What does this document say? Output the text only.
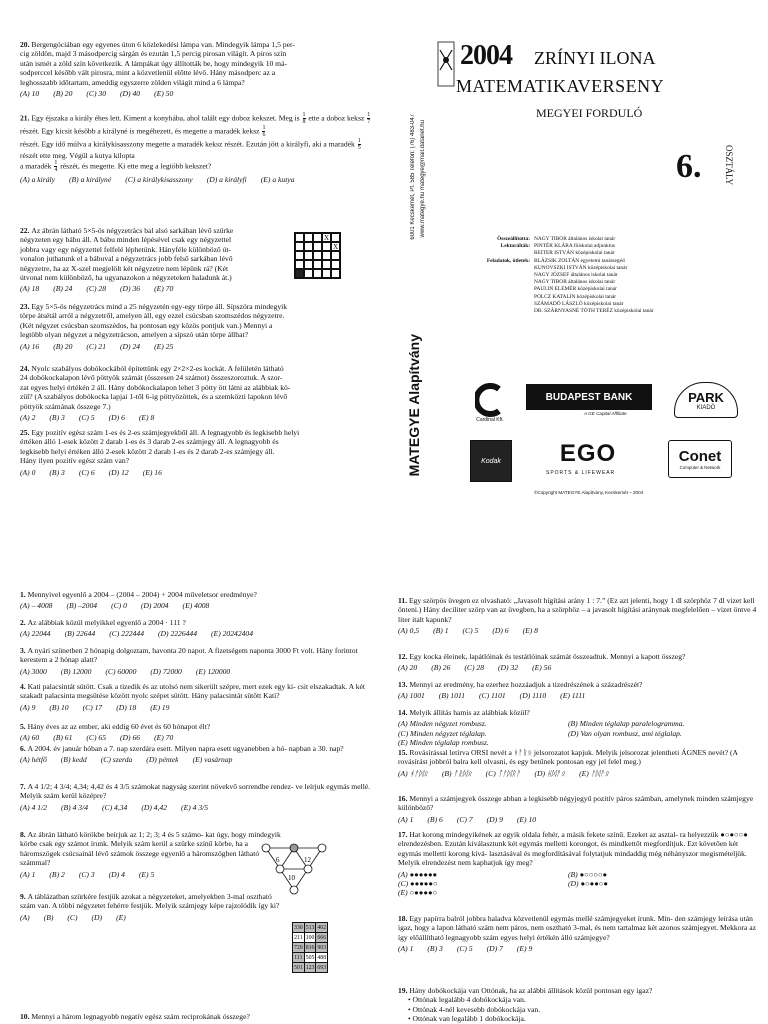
20. Bergengóciában egy egyenes úton 6 közlekedési lámpa van. Mindegyik lámpa 1,5 per-
cig zöldön, majd 3 másodpercig sárgán és ezután 1,5 percig pirosan világít. A piros szín
után ismét a zöld szín következik. A lámpákat úgy állították be, hogy mindegyik 10 má-
sodperccel később vált pirosra, mint a közvetlenül előtte lévő. Hány másodperc az a
leghosszabb időtartam, ameddig egyszerre zölden világít mind a 6 lámpa?
(A) 10 (B) 20 (C) 30 (D) 40 (E) 50
21. Egy éjszaka a király éhes lett. Kiment a konyhába, ahol talált egy doboz kekszet. Meg is $\frac{1}{8}$ ette a doboz keksz $\frac{1}{7}$

részét. Egy kicsit később a királyné is megéhezett, és megette a maradék keksz $\frac{1}{6}$

részét. Egy idő múlva a királykisasszony megette a maradék keksz részét. Ezután jött a királyfi, aki a maradék $\frac{1}{5}$

részét ette meg. Végül a kutya kilopta
a maradék $\frac{1}{4}$ részét, és megette. Ki ette meg a legtöbb kekszet?
(A) a király (B) a királyné (C) a királykisasszony (D) a királyfi (E) a kutya
22. Az ábrán látható 5×5-ös négyzetrács bal alsó sarkában lévő szürke
négyzeten egy bábu áll. A bábu minden lépésével csak egy négyzettel
jobbra vagy egy négyzettel felfelé léphetünk. Hányféle különböző út-
vonalon juthatunk el a bábuval a négyzetrács jobb felső sarkában lévő
négyzetre, ha az X-szel megjelölt két négyzetre nem lépünk rá? (Két
útvonal nem különböző, ha ugyanazokon a négyzeteken haladunk át.)
(A) 18 (B) 24 (C) 28 (D) 36 (E) 70
23. Egy 5×5-ös négyzetrács mind a 25 négyzetén egy-egy törpe áll. Sípszóra mindegyik
törpe átsétál arról a négyzetről, amelyen áll, egy ezzel csúcsban szomszédos négyzetre.
(Két négyzet csúcsban szomszédos, ha pontosan egy közös pontjuk van.) Mennyi a
legtöbb olyan négyzet a négyzetrácson, amelyen a sípszó után törpe állhat?
(A) 16 (B) 20 (C) 21 (D) 24 (E) 25
24. Nyolc szabályos dobókockából építettünk egy 2×2×2-es kockát. A felületén látható
24 dobókockalapon lévő pöttyök számát (összesen 24 számot) összeszoroztuk. A szor-
zat egyes helyi értékén 2 áll. Hány dobókockalapon lehet 3 pötty ött látni az alábbiak kö-
zül? (A szabályos dobókocka lapjai 1-től 6-ig pöttyözöttek, és a szemközti lapokon lévő
pöttyök számának összege 7.)
(A) 2 (B) 3 (C) 5 (D) 6 (E) 8
25. Egy pozitív egész szám 1-es és 2-es számjegyekből áll. A legnagyobb és legkisebb helyi
értéken álló 1-esek között 2 darab 1-es és 3 darab 2-es számjegy áll. A legnagyobb és
legkisebb helyi értéken álló 2-esek között 2 darab 1-es és 2 darab 2-es számjegy áll.
Hány ilyen pozitív egész szám van?
(A) 0 (B) 3 (C) 6 (D) 12 (E) 16
X
X
MATEGYE Alapítvány
6001 Kecskemét, Pf. 585 Telefon: (76) 483-047 www.mategye.hu mategye@mail.datanet.hu
2004 ZRÍNYI ILONA
MATEMATIKAVERSENY
MEGYEI FORDULÓ
6.	OSZTÁLY
Összeállította: NAGY TIBOR általános iskolai tanár
Lektorálták: PINTÉR KLÁRA főiskolai adjunktus
REITER ISTVÁN középiskolai tanár
Feladatok, ötletek: BLÁZSIK ZOLTÁN egyetemi tanársegéd
KUNOVSZKI ISTVÁN középiskolai tanár
NAGY JÓZSEF általános iskolai tanár
NAGY TIBOR általános iskolai tanár
PAULIN ELEMÉR középiskolai tanár
POLCZ KATALIN középiskolai tanár
SZÁMADÓ LÁSZLÓ középiskolai tanár
DR. SZÁRNYASNÉ TÓTH TERÉZ középiskolai tanár
Cardinal Kft.
BUDAPEST BANK
A GE Capital Affiliate
PARK
KIADÓ
Kodak	EGO
SPORTS & LIFEWEAR
Conet
Computer & Network
©Copyright MATEGYE Alapítvány, Kecskemét – 2004
1. Mennyivel egyenlő a 2004 – (2004 – 2004) + 2004 műveletsor eredménye?
(A) – 4008 (B) –2004 (C) 0 (D) 2004 (E) 4008
2. Az alábbiak közül melyikkel egyenlő a 2004 · 111 ?
(A) 22044 (B) 22644 (C) 222444 (D) 2226444 (E) 20242404
3. A nyári szünetben 2 hónapig dolgoztam, havonta 20 napot. A fizetségem naponta 3000 Ft volt. Hány forintot kerestem a 2 hónap alatt?
(A) 3000 (B) 12000 (C) 60000 (D) 72000 (E) 120000
4. Kati palacsintát sütött. Csak a tizedik és az utolsó nem sikerült szépre, mert ezek egy ki- csit elszakadtak. A két szakadt palacsinta megsütése között nyolc szépet sütött. Hány palacsintát sütött Kati?
(A) 9 (B) 10 (C) 17 (D) 18 (E) 19
5. Hány éves az az ember, aki eddig 60 évet és 60 hónapot élt?
(A) 60 (B) 61 (C) 65 (D) 66 (E) 70
6. A 2004. év január hóban a 7. nap szerdára esett. Milyen napra esett ugyanebben a hó- napban a 30. nap?
(A) hétfő (B) kedd (C) szerda (D) péntek (E) vasárnap
7. A 4 1/2; 4 3/4; 4,34; 4,42 és 4 3/5 számokat nagyság szerint növekvő sorrendbe rendez- ve leírjuk egymás mellé. Melyik szám kerül középre?
(A) 4 1/2 (B) 4 3/4 (C) 4,34 (D) 4,42 (E) 4 3/5
8. Az ábrán látható körökbe beírjuk az 1; 2; 3; 4 és 5 számo- kat úgy, hogy mindegyik körbe csak egy számot írunk. Melyik szám kerül a szürke színű körbe, ha a háromszögek csúcsainál lévő számok összege egyenlő a háromszögben látható számmal?
(A) 1 (B) 2 (C) 3 (D) 4 (E) 5
9. A táblázatban szürkére festjük azokat a négyzeteket, amelyekben 3-mal osztható szám van. A többi négyzetet fehérre festjük. Melyik számjegy képe rajzolódik így ki?
(A) (B) (C) (D) (E)
10. Mennyi a három legnagyobb negatív egész szám reciprokának összege?
6	12
10
330	513	402
211	100	666
720	816	903
111	505	488
501	123	693
11. Egy szörpös üvegen ez olvasható: „Javasolt hígítási arány 1 : 7.” (Ez azt jelenti, hogy 1 dl szörphöz 7 dl vizet kell önteni.) Hány deciliter szörp van az üvegben, ha a szörphöz – a javasolt hígítási aránynak megfelelően – vizet öntve 4 liter italt kapunk?
(A) 0,5 (B) 1 (C) 5 (D) 6 (E) 8
12. Egy kocka éleinek, lapátlóinak és testátlóinak számát összeadtuk. Mennyi a kapott összeg?
(A) 20 (B) 26 (C) 28 (D) 32 (E) 56
13. Mennyi az eredmény, ha ezerhez hozzáadjuk a tizedrészének a századrészét?
(A) 1001 (B) 1011 (C) 1101 (D) 1110 (E) 1111
14. Melyik állítás hamis az alábbiak közül?
(A) Minden négyzet rombusz.	(B) Minden téglalap paralelogramma.
(C) Minden négyzet téglalap.	(D) Van olyan rombusz, ami téglalap.
(E) Minden téglalap rombusz.
15. Rovásírással letírva ORSI nevét a ᚼᚨᚱᛟ jelsorozatot kapjuk. Melyik jelsorozat jelentheti ÁGNES nevét? (A rovásírást jobbról balra kell olvasni, és egy betűnek pontosan egy jel felel meg.)
(A) ᚼᚨᛞᛟ (B) ᚨᚱᛞᛟ (C) ᛏᚨᛞᚱᚨ (D) ᚺᛞᚨᛟ (E) ᚨᛞᚨᛟ
16. Mennyi a számjegyek összege abban a legkisebb négyjegyű pozitív páros számban, amelynek minden számjegye különböző?
(A) 1 (B) 6 (C) 7 (D) 9 (E) 10
17. Hat korong mindegyikének az egyik oldala fehér, a másik fekete színű. Ezeket az asztal- ra helyezzük ●○●○○● elrendezésben. Ezután kiválasztunk két egymás melletti korongot, és mindkettőt megfordítjuk. Ezt követően két egymás melletti korong kivá- lasztásával és megfordításával folytatjuk mindaddig még néhányszor megismételjük. Melyik elrendezést nem kaphatjuk így meg?
(A) ●●●●●●	(B) ●○○○○●
(C) ●●●●●○	(D) ●○●●○●
(E) ○●●●●○
18. Egy papírra balról jobbra haladva közvetlenül egymás mellé számjegyeket írunk. Min- den számjegy leírása után igaz, hogy a lapon látható szám nem páros, nem osztható 3-mal, és nem tartalmaz két azonos számjegyet. Mekkora az így előállítható legnagyobb szám egyes helyi értékén álló számjegye?
(A) 1 (B) 3 (C) 5 (D) 7 (E) 9
19. Hány dobókockája van Ottónak, ha az alábbi állítások közül pontosan egy igaz?
• Ottónak legalább 4 dobókockája van.
• Ottónak 4-nél kevesebb dobókockája van.
• Ottónak van legalább 1 dobókockája.
